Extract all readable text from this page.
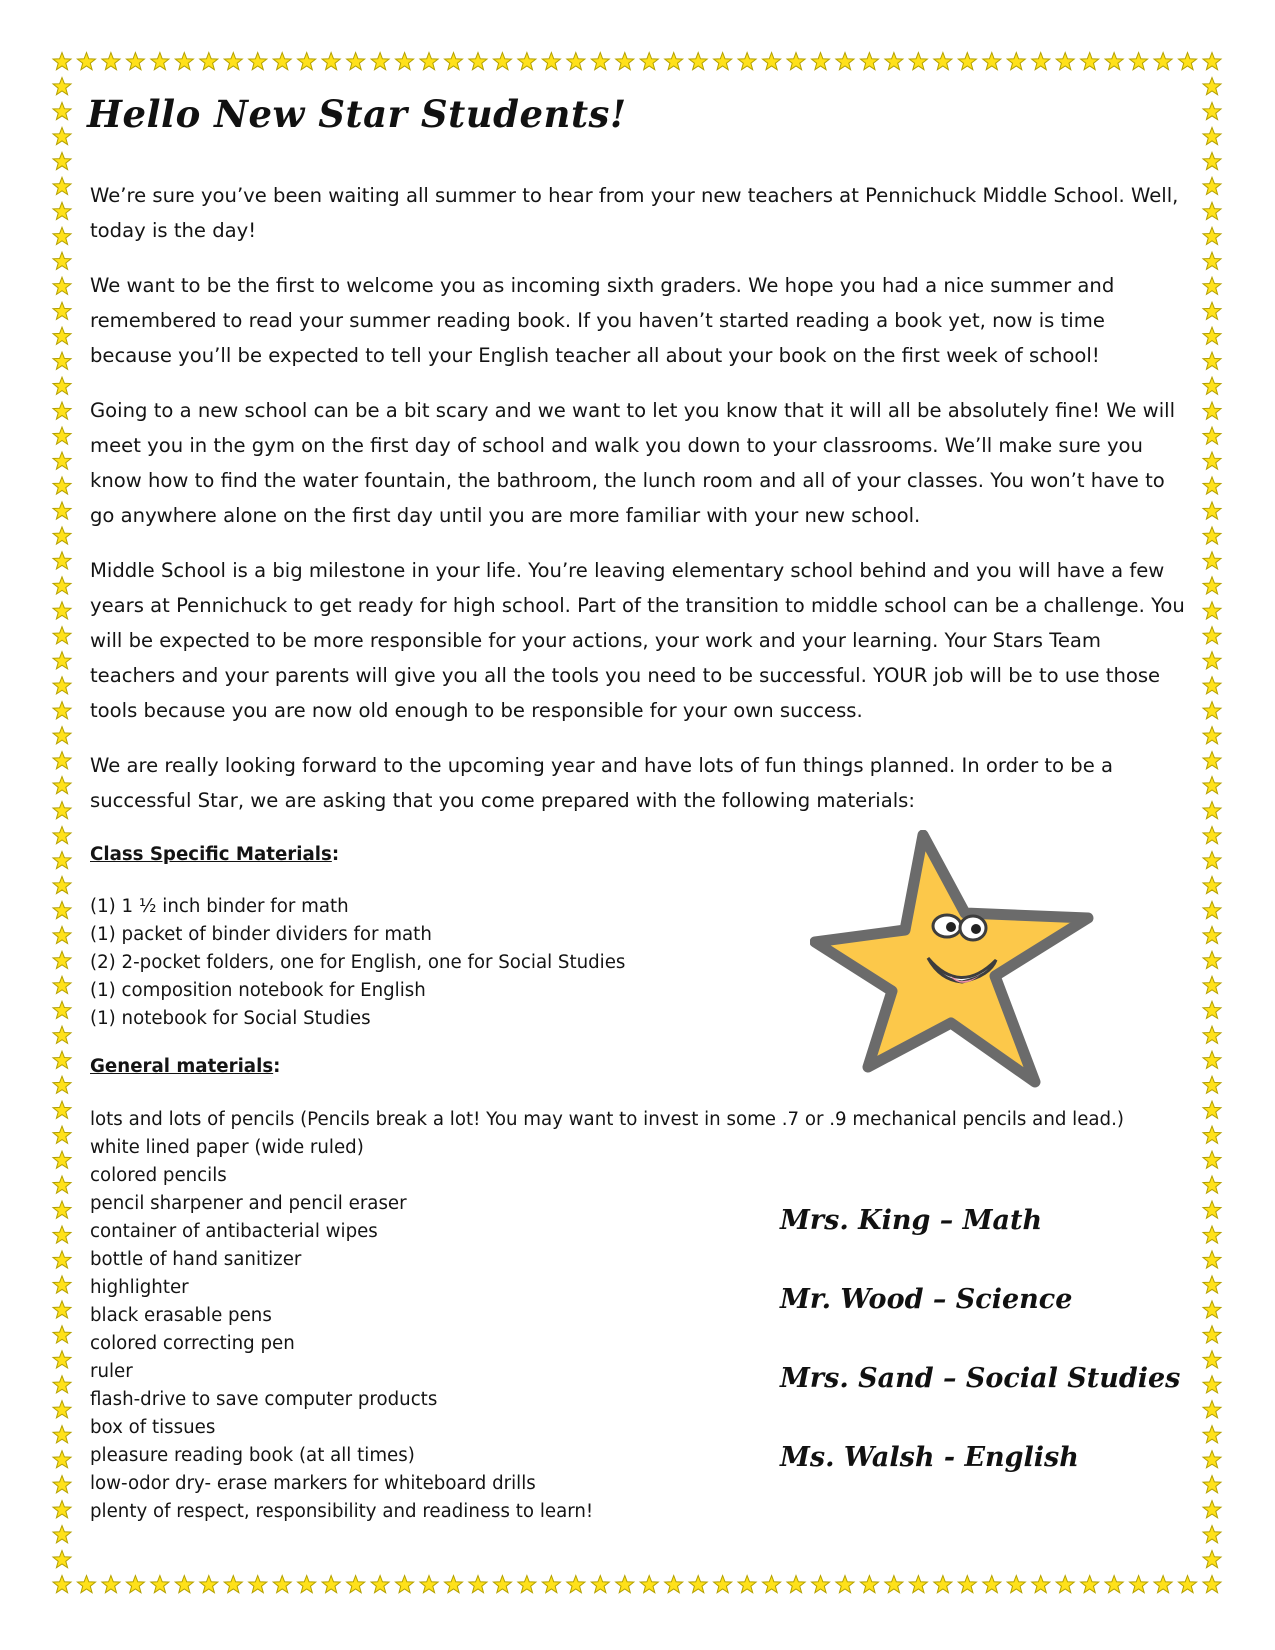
Hello New Star Students!

We’re sure you’ve been waiting all summer to hear from your new teachers at Pennichuck Middle School. Well, today is the day!

We want to be the first to welcome you as incoming sixth graders. We hope you had a nice summer and remembered to read your summer reading book. If you haven’t started reading a book yet, now is time because you’ll be expected to tell your English teacher all about your book on the first week of school!

Going to a new school can be a bit scary and we want to let you know that it will all be absolutely fine! We will meet you in the gym on the first day of school and walk you down to your classrooms. We’ll make sure you know how to find the water fountain, the bathroom, the lunch room and all of your classes. You won’t have to go anywhere alone on the first day until you are more familiar with your new school.

Middle School is a big milestone in your life. You’re leaving elementary school behind and you will have a few years at Pennichuck to get ready for high school. Part of the transition to middle school can be a challenge. You will be expected to be more responsible for your actions, your work and your learning. Your Stars Team teachers and your parents will give you all the tools you need to be successful. YOUR job will be to use those tools because you are now old enough to be responsible for your own success.

We are really looking forward to the upcoming year and have lots of fun things planned. In order to be a successful Star, we are asking that you come prepared with the following materials:

Class Specific Materials:

(1) 1 ½ inch binder for math
(1) packet of binder dividers for math
(2) 2-pocket folders, one for English, one for Social Studies
(1) composition notebook for English
(1) notebook for Social Studies

General materials:

lots and lots of pencils (Pencils break a lot! You may want to invest in some .7 or .9 mechanical pencils and lead.)
white lined paper (wide ruled)
colored pencils
pencil sharpener and pencil eraser
container of antibacterial wipes
bottle of hand sanitizer
highlighter
black erasable pens
colored correcting pen
ruler
flash-drive to save computer products
box of tissues
pleasure reading book (at all times)
low-odor dry- erase markers for whiteboard drills
plenty of respect, responsibility and readiness to learn!

Mrs. King – Math

Mr. Wood – Science

Mrs. Sand – Social Studies

Ms. Walsh - English
